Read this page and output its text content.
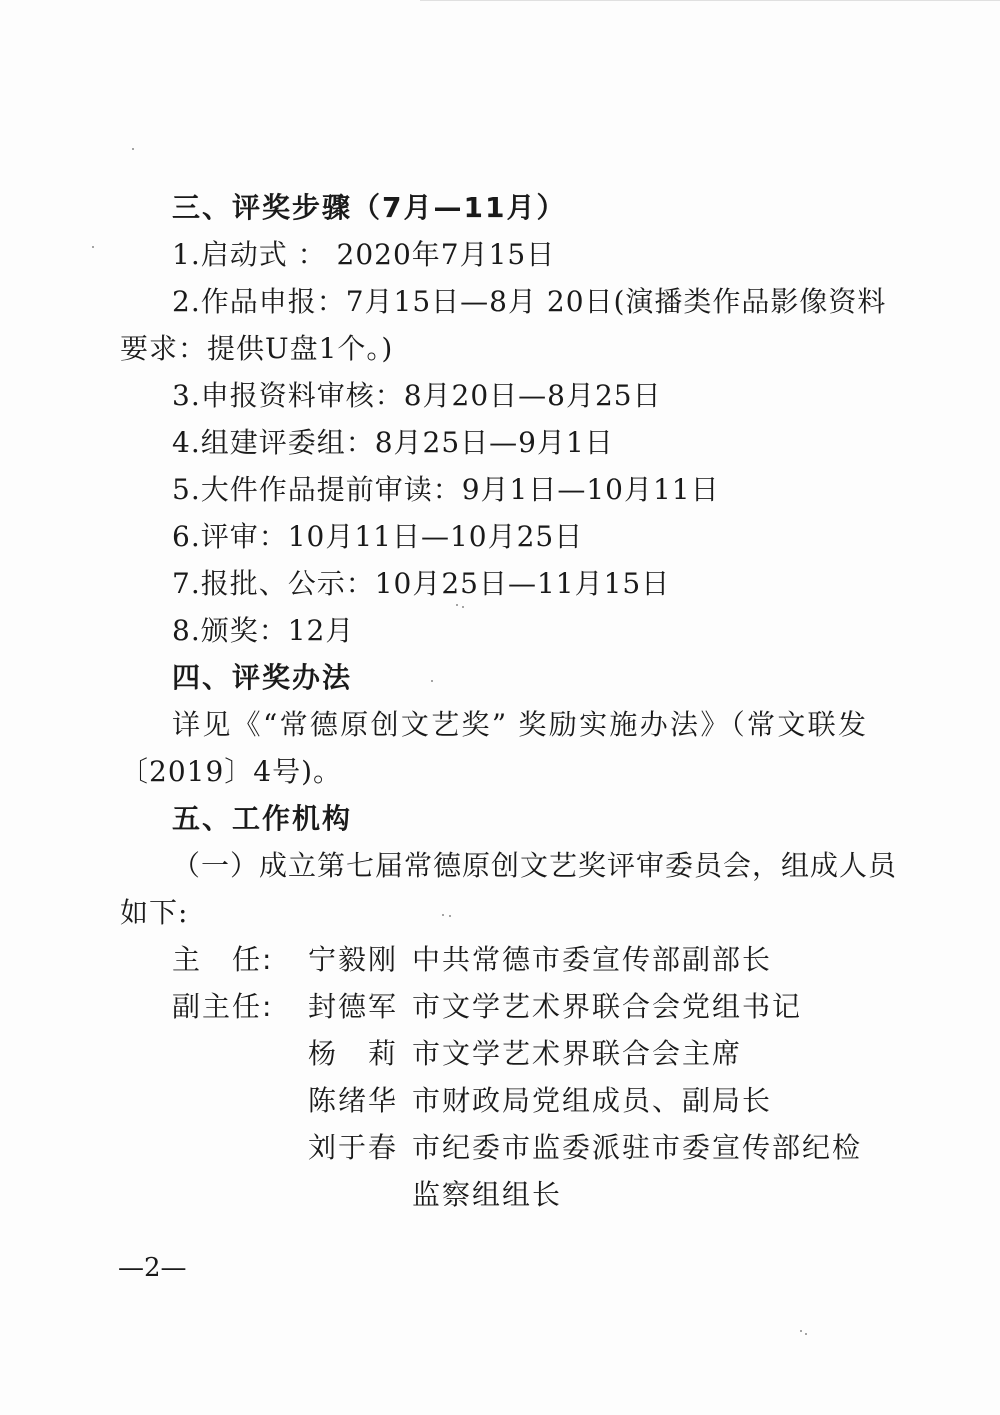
三、评奖步骤（7月—11月）
1.启动式 ： 2020年7月15日
2.作品申报：7月15日—8月 20日(演播类作品影像资料
要求：提供U盘1个。)
3.申报资料审核：8月20日—8月25日
4.组建评委组：8月25日—9月1日
5.大件作品提前审读：9月1日—10月11日
6.评审：10月11日—10月25日
7.报批、公示：10月25日—11月15日
8.颁奖：12月
四、评奖办法
详见《“常德原创文艺奖” 奖励实施办法》（常文联发
〔2019〕4号)。
五、工作机构
（一）成立第七届常德原创文艺奖评审委员会，组成人员
如下:
主　任: 宁毅刚 中共常德市委宣传部副部长
副主任: 封德军 市文学艺术界联合会党组书记
杨　莉 市文学艺术界联合会主席
陈绪华 市财政局党组成员、副局长
刘于春 市纪委市监委派驻市委宣传部纪检
监察组组长
—2—
